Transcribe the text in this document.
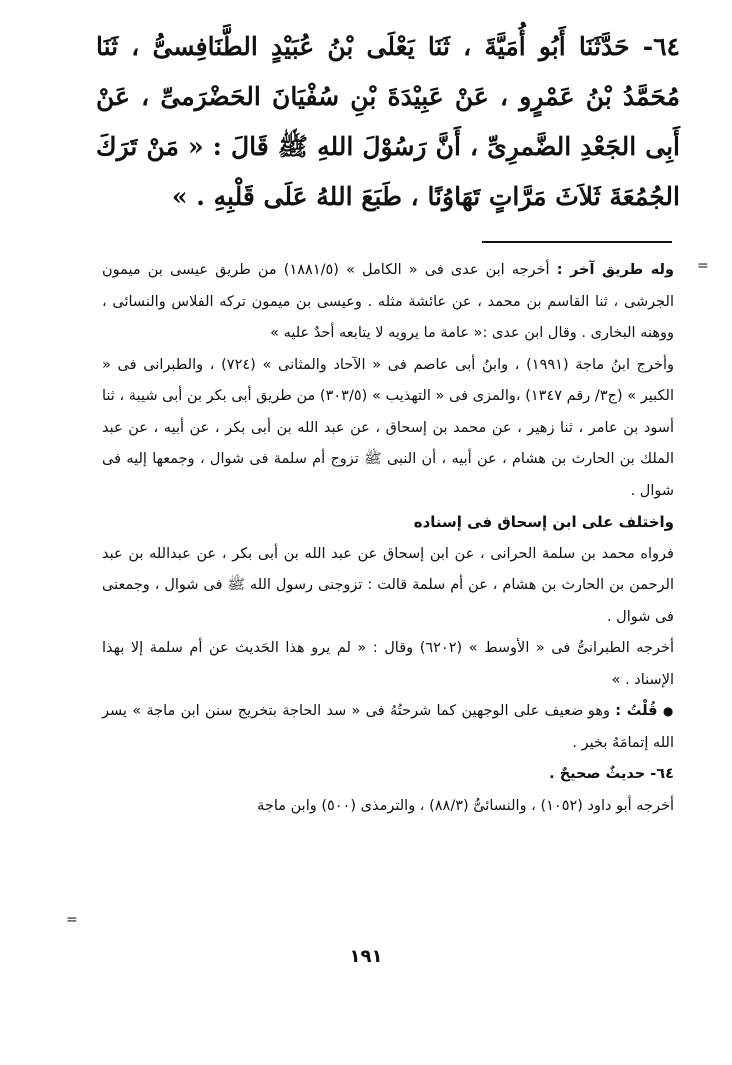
٦٤- حَدَّثَنَا أَبُو أُمَيَّةَ ، ثَنَا يَعْلَى بْنُ عُبَيْدٍ الطَّنَافِسىُّ ، ثَنَا مُحَمَّدُ بْنُ عَمْرٍو ، عَنْ عَبِيْدَةَ بْنِ سُفْيَانَ الحَضْرَمىِّ ، عَنْ أَبِى الجَعْدِ الضَّمرِىِّ ، أَنَّ رَسُوْلَ اللهِ ﷺ قَالَ : « مَنْ تَرَكَ الجُمُعَةَ ثَلاَثَ مَرَّاتٍ تَهَاوُنًا ، طَبَعَ اللهُ عَلَى قَلْبِهِ . »

=

وله طريق آخر : أخرجه ابن عدى فى « الكامل » (١٨٨١/٥) من طريق عيسى بن ميمون الجرشى ، ثنا القاسم بن محمد ، عن عائشة مثله . وعيسى بن ميمون تركه الفلاس والنسائى ، ووهنه البخارى . وقال ابن عدى :« عامة ما يرويه لا يتابعه أحدٌ عليه »

وأخرج ابنُ ماجة (١٩٩١) ، وابنُ أبى عاصم فى « الآحاد والمثانى » (٧٢٤) ، والطبرانى فى « الكبير » (ج٣/ رقم ١٣٤٧) ،والمزى فى « التهذيب » (٣٠٣/٥) من طريق أبى بكر بن أبى شيبة ، ثنا أسود بن عامر ، ثنا زهير ، عن محمد بن إسحاق ، عن عبد الله بن أبى بكر ، عن أبيه ، عن عبد الملك بن الحارث بن هشام ، عن أبيه ، أن النبى ﷺ تزوج أم سلمة فى شوال ، وجمعها إليه فى شوال .

واختلف على ابن إسحاق فى إسناده

فرواه محمد بن سلمة الحرانى ، عن ابن إسحاق عن عبد الله بن أبى بكر ، عن عبدالله بن عبد الرحمن بن الحارث بن هشام ، عن أم سلمة قالت : تزوجنى رسول الله ﷺ فى شوال ، وجمعنى فى شوال .

أخرجه الطبرانىُّ فى « الأوسط » (٦٢٠٢) وقال : « لم يرو هذا الحَديث عن أم سلمة إلا بهذا الإسناد . »

● قُلْتُ : وهو ضعيف على الوجهين كما شرحتُهُ فى « سد الحاجة بتخريج سنن ابن ماجة » يسر الله إتمامَهُ بخير .

٦٤- حديثٌ صحيحٌ .

أخرجه أبو داود (١٠٥٢) ، والنسائىُّ (٨٨/٣) ، والترمذى (٥٠٠) وابن ماجة

=
١٩١
